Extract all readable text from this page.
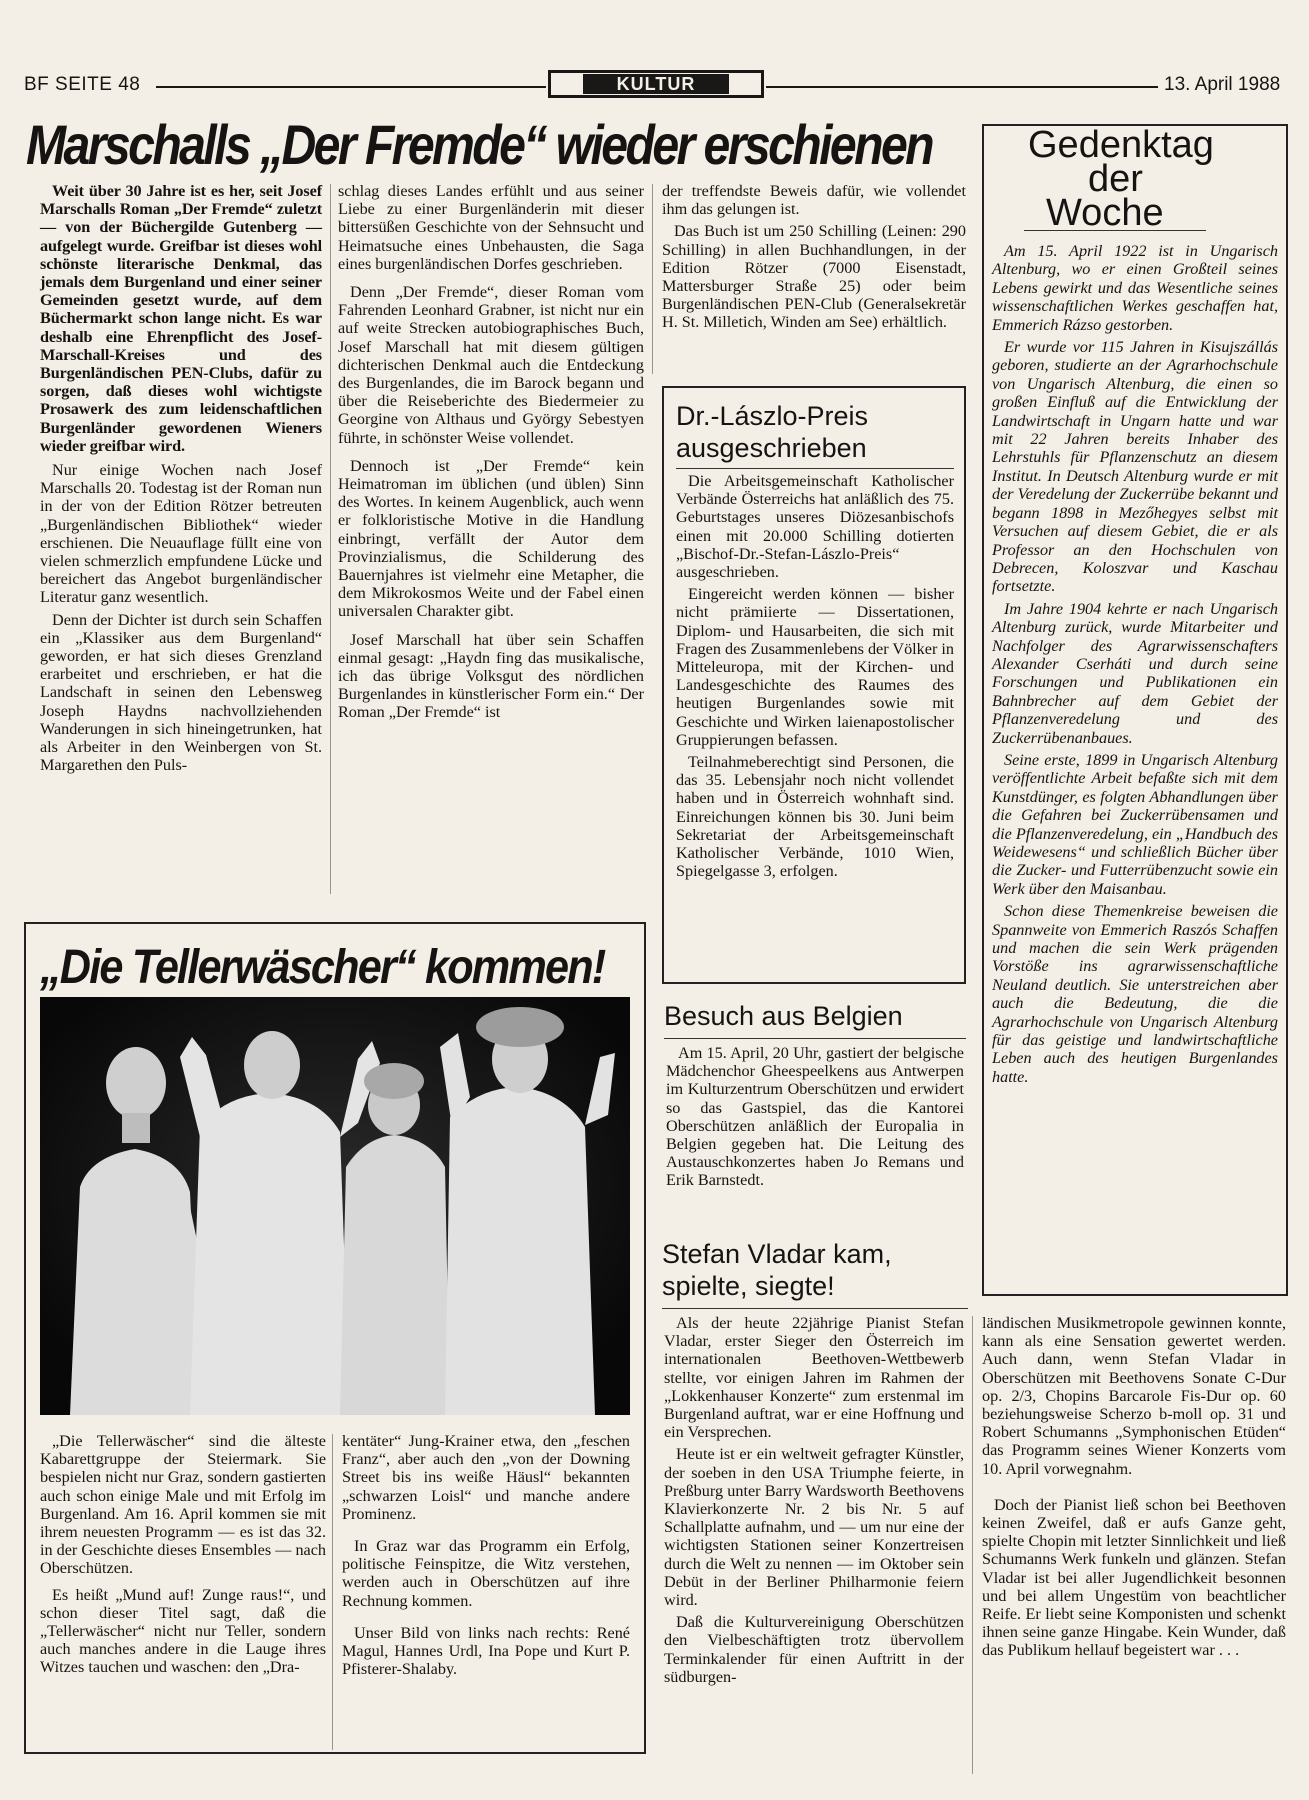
BF SEITE 48	KULTUR	13. April 1988
Marschalls „Der Fremde“ wieder erschienen

Weit über 30 Jahre ist es her, seit Josef Marschalls Roman „Der Fremde“ zuletzt — von der Büchergilde Gutenberg — aufgelegt wurde. Greifbar ist dieses wohl schönste literarische Denkmal, das jemals dem Burgenland und einer seiner Gemeinden gesetzt wurde, auf dem Büchermarkt schon lange nicht. Es war deshalb eine Ehrenpflicht des Josef-Marschall-Kreises und des Burgenländischen PEN-Clubs, dafür zu sorgen, daß dieses wohl wichtigste Prosawerk des zum leidenschaftlichen Burgenländer gewordenen Wieners wieder greifbar wird.

Nur einige Wochen nach Josef Marschalls 20. Todestag ist der Roman nun in der von der Edition Rötzer betreuten „Burgenländischen Bibliothek“ wieder erschienen. Die Neuauflage füllt eine von vielen schmerzlich empfundene Lücke und bereichert das Angebot burgenländischer Literatur ganz wesentlich.

Denn der Dichter ist durch sein Schaffen ein „Klassiker aus dem Burgenland“ geworden, er hat sich dieses Grenzland erarbeitet und erschrieben, er hat die Landschaft in seinen den Lebensweg Joseph Haydns nachvollziehenden Wanderungen in sich hineingetrunken, hat als Arbeiter in den Weinbergen von St. Margarethen den Puls-

schlag dieses Landes erfühlt und aus seiner Liebe zu einer Burgenländerin mit dieser bittersüßen Geschichte von der Sehnsucht und Heimatsuche eines Unbehausten, die Saga eines burgenländischen Dorfes geschrieben.

Denn „Der Fremde“, dieser Roman vom Fahrenden Leonhard Grabner, ist nicht nur ein auf weite Strecken autobiographisches Buch, Josef Marschall hat mit diesem gültigen dichterischen Denkmal auch die Entdeckung des Burgenlandes, die im Barock begann und über die Reiseberichte des Biedermeier zu Georgine von Althaus und György Sebestyen führte, in schönster Weise vollendet.

Dennoch ist „Der Fremde“ kein Heimatroman im üblichen (und üblen) Sinn des Wortes. In keinem Augenblick, auch wenn er folkloristische Motive in die Handlung einbringt, verfällt der Autor dem Provinzialismus, die Schilderung des Bauernjahres ist vielmehr eine Metapher, die dem Mikrokosmos Weite und der Fabel einen universalen Charakter gibt.

Josef Marschall hat über sein Schaffen einmal gesagt: „Haydn fing das musikalische, ich das übrige Volksgut des nördlichen Burgenlandes in künstlerischer Form ein.“ Der Roman „Der Fremde“ ist

der treffendste Beweis dafür, wie vollendet ihm das gelungen ist.

Das Buch ist um 250 Schilling (Leinen: 290 Schilling) in allen Buchhandlungen, in der Edition Rötzer (7000 Eisenstadt, Mattersburger Straße 25) oder beim Burgenländischen PEN-Club (Generalsekretär H. St. Milletich, Winden am See) erhältlich.

Dr.-Lászlo-Preis ausgeschrieben

Die Arbeitsgemeinschaft Katholischer Verbände Österreichs hat anläßlich des 75. Geburtstages unseres Diözesanbischofs einen mit 20.000 Schilling dotierten „Bischof-Dr.-Stefan-Lászlo-Preis“ ausgeschrieben.

Eingereicht werden können — bisher nicht prämiierte — Dissertationen, Diplom- und Hausarbeiten, die sich mit Fragen des Zusammenlebens der Völker in Mitteleuropa, mit der Kirchen- und Landesgeschichte des Raumes des heutigen Burgenlandes sowie mit Geschichte und Wirken laienapostolischer Gruppierungen befassen.

Teilnahmeberechtigt sind Personen, die das 35. Lebensjahr noch nicht vollendet haben und in Österreich wohnhaft sind. Einreichungen können bis 30. Juni beim Sekretariat der Arbeitsgemeinschaft Katholischer Verbände, 1010 Wien, Spiegelgasse 3, erfolgen.

Besuch aus Belgien

Am 15. April, 20 Uhr, gastiert der belgische Mädchenchor Gheespeelkens aus Antwerpen im Kulturzentrum Oberschützen und erwidert so das Gastspiel, das die Kantorei Oberschützen anläßlich der Europalia in Belgien gegeben hat. Die Leitung des Austauschkonzertes haben Jo Remans und Erik Barnstedt.

Stefan Vladar kam, spielte, siegte!

Als der heute 22jährige Pianist Stefan Vladar, erster Sieger den Österreich im internationalen Beethoven-Wettbewerb stellte, vor einigen Jahren im Rahmen der „Lokkenhauser Konzerte“ zum erstenmal im Burgenland auftrat, war er eine Hoffnung und ein Versprechen.

Heute ist er ein weltweit gefragter Künstler, der soeben in den USA Triumphe feierte, in Preßburg unter Barry Wardsworth Beethovens Klavierkonzerte Nr. 2 bis Nr. 5 auf Schallplatte aufnahm, und — um nur eine der wichtigsten Stationen seiner Konzertreisen durch die Welt zu nennen — im Oktober sein Debüt in der Berliner Philharmonie feiern wird.

Daß die Kulturvereinigung Oberschützen den Vielbeschäftigten trotz übervollem Terminkalender für einen Auftritt in der südburgen-

ländischen Musikmetropole gewinnen konnte, kann als eine Sensation gewertet werden. Auch dann, wenn Stefan Vladar in Oberschützen mit Beethovens Sonate C-Dur op. 2/3, Chopins Barcarole Fis-Dur op. 60 beziehungsweise Scherzo b-moll op. 31 und Robert Schumanns „Symphonischen Etüden“ das Programm seines Wiener Konzerts vom 10. April vorwegnahm.

Doch der Pianist ließ schon bei Beethoven keinen Zweifel, daß er aufs Ganze geht, spielte Chopin mit letzter Sinnlichkeit und ließ Schumanns Werk funkeln und glänzen. Stefan Vladar ist bei aller Jugendlichkeit besonnen und bei allem Ungestüm von beachtlicher Reife. Er liebt seine Komponisten und schenkt ihnen seine ganze Hingabe. Kein Wunder, daß das Publikum hellauf begeistert war . . .

Gedenktag
der
Woche

Am 15. April 1922 ist in Ungarisch Altenburg, wo er einen Großteil seines Lebens gewirkt und das Wesentliche seines wissenschaftlichen Werkes geschaffen hat, Emmerich Rázso gestorben.

Er wurde vor 115 Jahren in Kisujszállás geboren, studierte an der Agrarhochschule von Ungarisch Altenburg, die einen so großen Einfluß auf die Entwicklung der Landwirtschaft in Ungarn hatte und war mit 22 Jahren bereits Inhaber des Lehrstuhls für Pflanzenschutz an diesem Institut. In Deutsch Altenburg wurde er mit der Veredelung der Zuckerrübe bekannt und begann 1898 in Mezőhegyes selbst mit Versuchen auf diesem Gebiet, die er als Professor an den Hochschulen von Debrecen, Koloszvar und Kaschau fortsetzte.

Im Jahre 1904 kehrte er nach Ungarisch Altenburg zurück, wurde Mitarbeiter und Nachfolger des Agrarwissenschafters Alexander Cserháti und durch seine Forschungen und Publikationen ein Bahnbrecher auf dem Gebiet der Pflanzenveredelung und des Zuckerrübenanbaues.

Seine erste, 1899 in Ungarisch Altenburg veröffentlichte Arbeit befaßte sich mit dem Kunstdünger, es folgten Abhandlungen über die Gefahren bei Zuckerrübensamen und die Pflanzenveredelung, ein „Handbuch des Weidewesens“ und schließlich Bücher über die Zucker- und Futterrübenzucht sowie ein Werk über den Maisanbau.

Schon diese Themenkreise beweisen die Spannweite von Emmerich Raszós Schaffen und machen die sein Werk prägenden Vorstöße ins agrarwissenschaftliche Neuland deutlich. Sie unterstreichen aber auch die Bedeutung, die die Agrarhochschule von Ungarisch Altenburg für das geistige und landwirtschaftliche Leben auch des heutigen Burgenlandes hatte.

„Die Tellerwäscher“ kommen!

„Die Tellerwäscher“ sind die älteste Kabarettgruppe der Steiermark. Sie bespielen nicht nur Graz, sondern gastierten auch schon einige Male und mit Erfolg im Burgenland. Am 16. April kommen sie mit ihrem neuesten Programm — es ist das 32. in der Geschichte dieses Ensembles — nach Oberschützen.

Es heißt „Mund auf! Zunge raus!“, und schon dieser Titel sagt, daß die „Tellerwäscher“ nicht nur Teller, sondern auch manches andere in die Lauge ihres Witzes tauchen und waschen: den „Dra-

kentäter“ Jung-Krainer etwa, den „feschen Franz“, aber auch den „von der Downing Street bis ins weiße Häusl“ bekannten „schwarzen Loisl“ und manche andere Prominenz.

In Graz war das Programm ein Erfolg, politische Feinspitze, die Witz verstehen, werden auch in Oberschützen auf ihre Rechnung kommen.

Unser Bild von links nach rechts: René Magul, Hannes Urdl, Ina Pope und Kurt P. Pfisterer-Shalaby.
